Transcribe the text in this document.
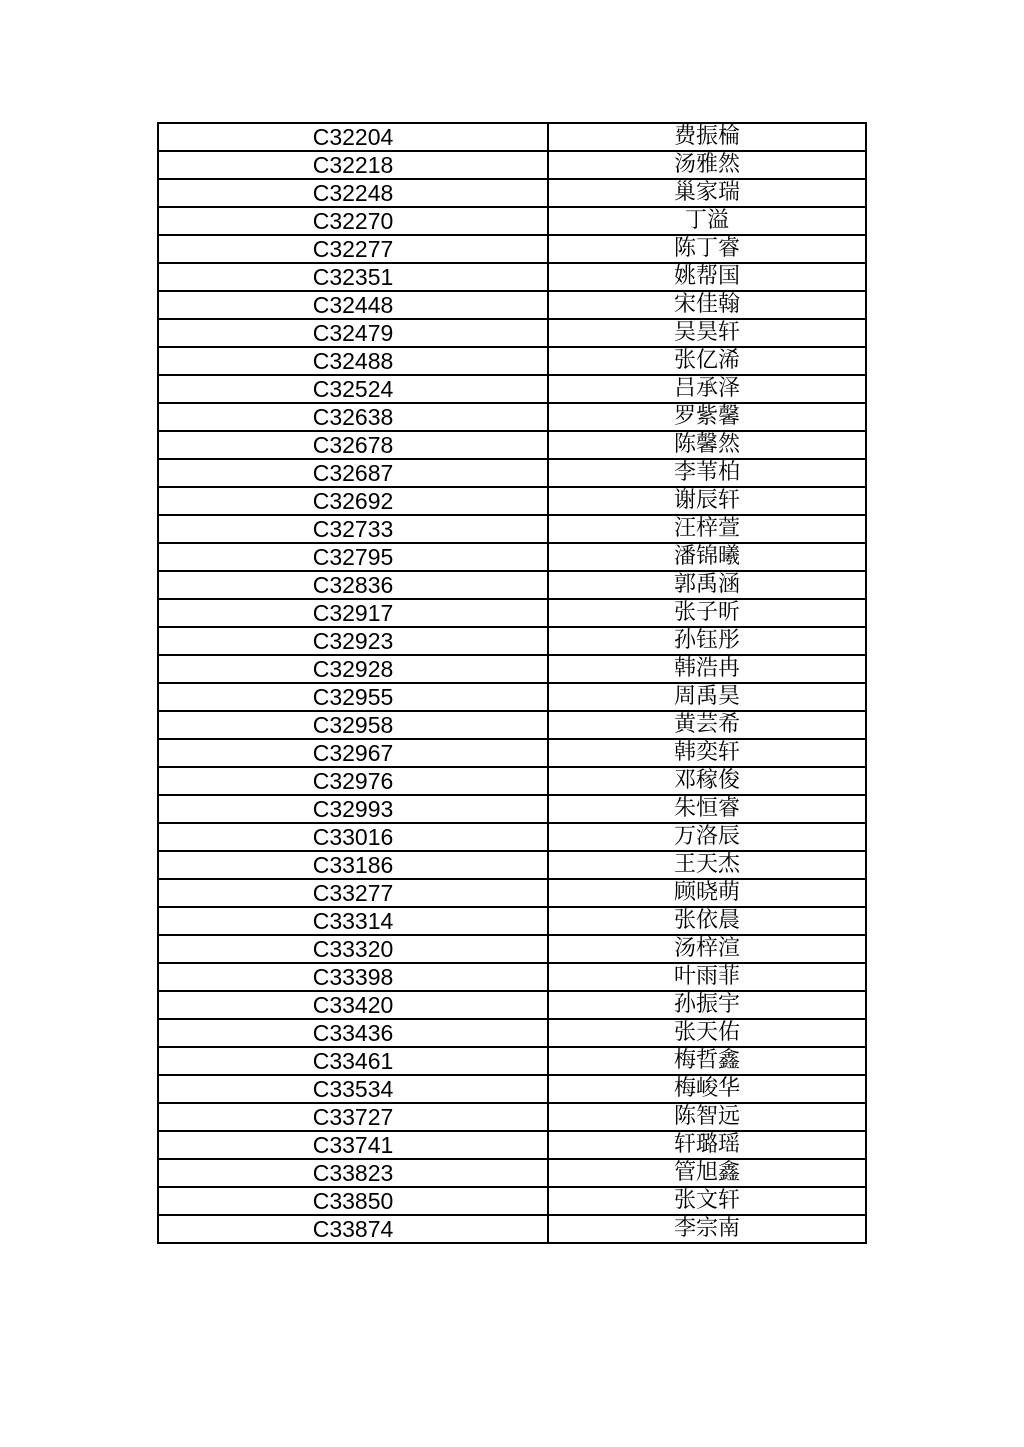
C32204	费振棆
C32218	汤雅然
C32248	巢家瑞
C32270	丁溢
C32277	陈丁睿
C32351	姚帮国
C32448	宋佳翰
C32479	吴昊轩
C32488	张亿浠
C32524	吕承泽
C32638	罗紫馨
C32678	陈馨然
C32687	李苇柏
C32692	谢辰轩
C32733	汪梓萱
C32795	潘锦曦
C32836	郭禹涵
C32917	张子昕
C32923	孙钰彤
C32928	韩浩冉
C32955	周禹昊
C32958	黄芸希
C32967	韩奕轩
C32976	邓稼俊
C32993	朱恒睿
C33016	万洛辰
C33186	王天杰
C33277	顾晓萌
C33314	张依晨
C33320	汤梓渲
C33398	叶雨菲
C33420	孙振宇
C33436	张天佑
C33461	梅哲鑫
C33534	梅峻华
C33727	陈智远
C33741	轩璐瑶
C33823	管旭鑫
C33850	张文轩
C33874	李宗南
